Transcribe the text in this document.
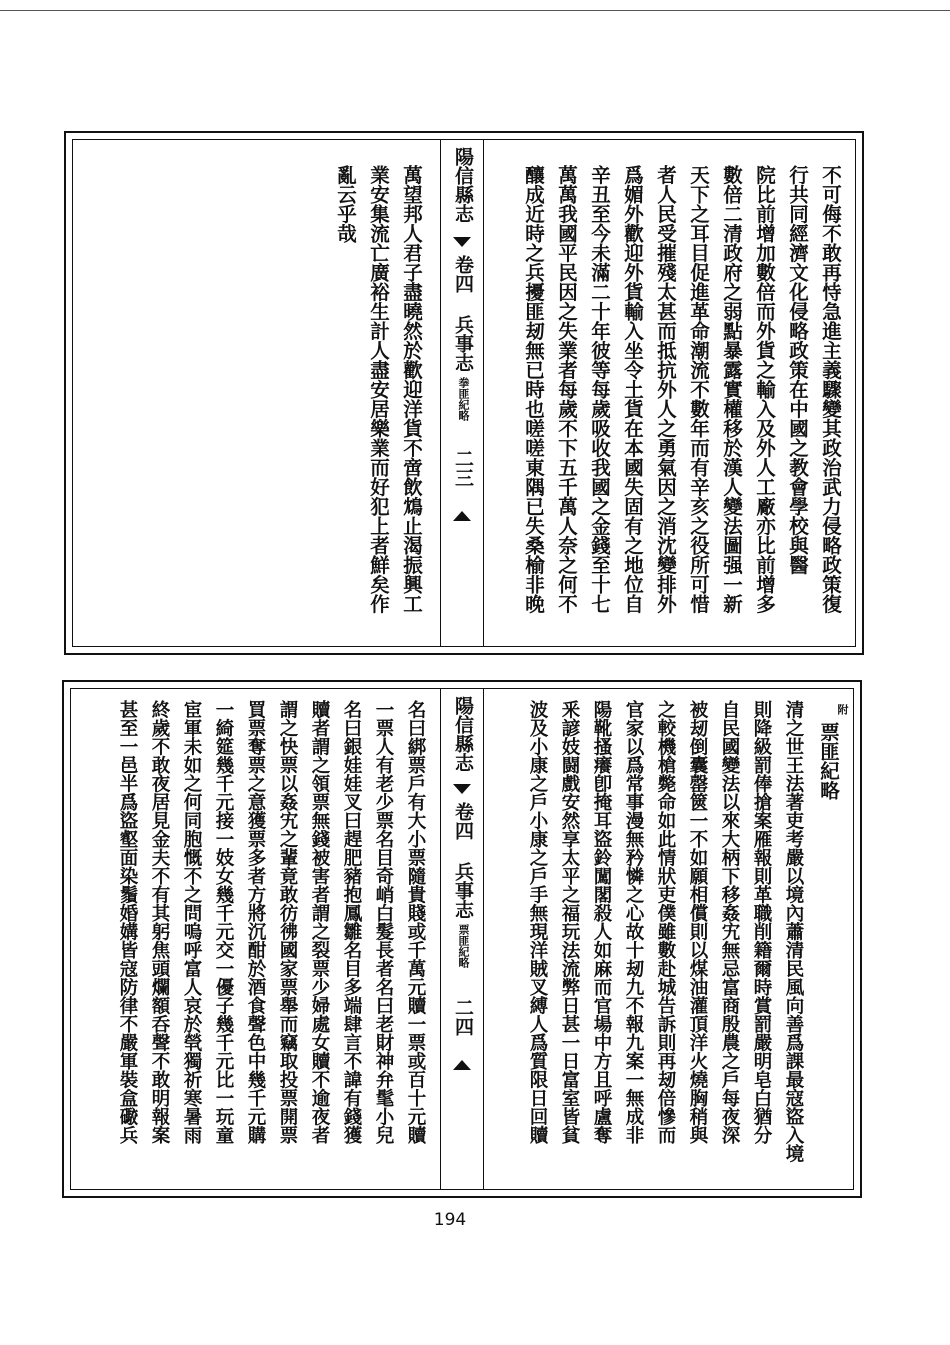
不可侮不敢再恃急進主義驟變其政治武力侵略政策復
行共同經濟文化侵略政策在中國之教會學校與醫
院比前增加數倍而外貨之輸入及外人工廠亦比前增多
數倍二清政府之弱點暴露實權移於漢人變法圖强一新
天下之耳目促進革命潮流不數年而有辛亥之役所可惜
者人民受摧殘太甚而抵抗外人之勇氣因之消沈變排外
爲媚外歡迎外貨輸入坐令土貨在本國失固有之地位自
辛丑至今未滿二十年彼等每歲吸收我國之金錢至十七
萬萬我國平民因之失業者每歲不下五千萬人奈之何不
釀成近時之兵擾匪刼無已時也嗟嗟東隅已失桑榆非晚
陽信縣志
卷四 兵事志
拳匪紀略
二三
萬望邦人君子盡曉然於歡迎洋貨不啻飲鴆止渴振興工
業安集流亡廣裕生計人盡安居樂業而好犯上者鮮矣作
亂云乎哉
附
票匪紀略
清之世王法著吏考嚴以境內蕭清民風向善爲課最寇盜入境
則降級罰俸搶案雁報則革職削籍爾時賞罰嚴明皂白猶分
自民國變法以來大柄下移姦宄無忌富商殷農之戶每夜深
被刼倒囊罄篋一不如願相償則以煤油灌頂洋火燒胸稍與
之較機槍斃命如此情狀吏僕雖數赴城告訴則再刼倍慘而
官家以爲常事漫無矜憐之心故十刼九不報九案一無成非
陽靴搔癢卽掩耳盜鈴闖閣殺人如麻而官場中方且呼盧奪
釆諺妓闘戲安然享太平之福玩法流弊日甚一日富室皆貧
波及小康之戶小康之戶手無現洋賊叉縛人爲質限日回贖
陽信縣志
卷四 兵事志
票匪紀略
二四
名曰綁票戶有大小票隨貴賤或千萬元贖一票或百十元贖
一票人有老少票名目奇峭白髮長者名曰老財神弁髦小兒
名曰銀娃娃叉曰趕肥豬抱鳳雛名目多端肆言不諱有錢獲
贖者謂之領票無錢被害者謂之裂票少婦處女贖不逾夜者
謂之快票以姦宄之輩竟敢彷彿國家票舉而竊取投票開票
買票奪票之意獲票多者方將沉酣於酒食聲色中幾千元購
一綺筵幾千元接一妓女幾千元交一優子幾千元比一玩童
宦軍未如之何同胞慨不之問嗚呼富人哀於煢獨祈寒暑雨
終歲不敢夜居見金夫不有其躬焦頭爛額呑聲不敢明報案
甚至一邑半爲盜壑面染鬚婚媾皆寇防律不嚴軍裝盒礮兵
194
